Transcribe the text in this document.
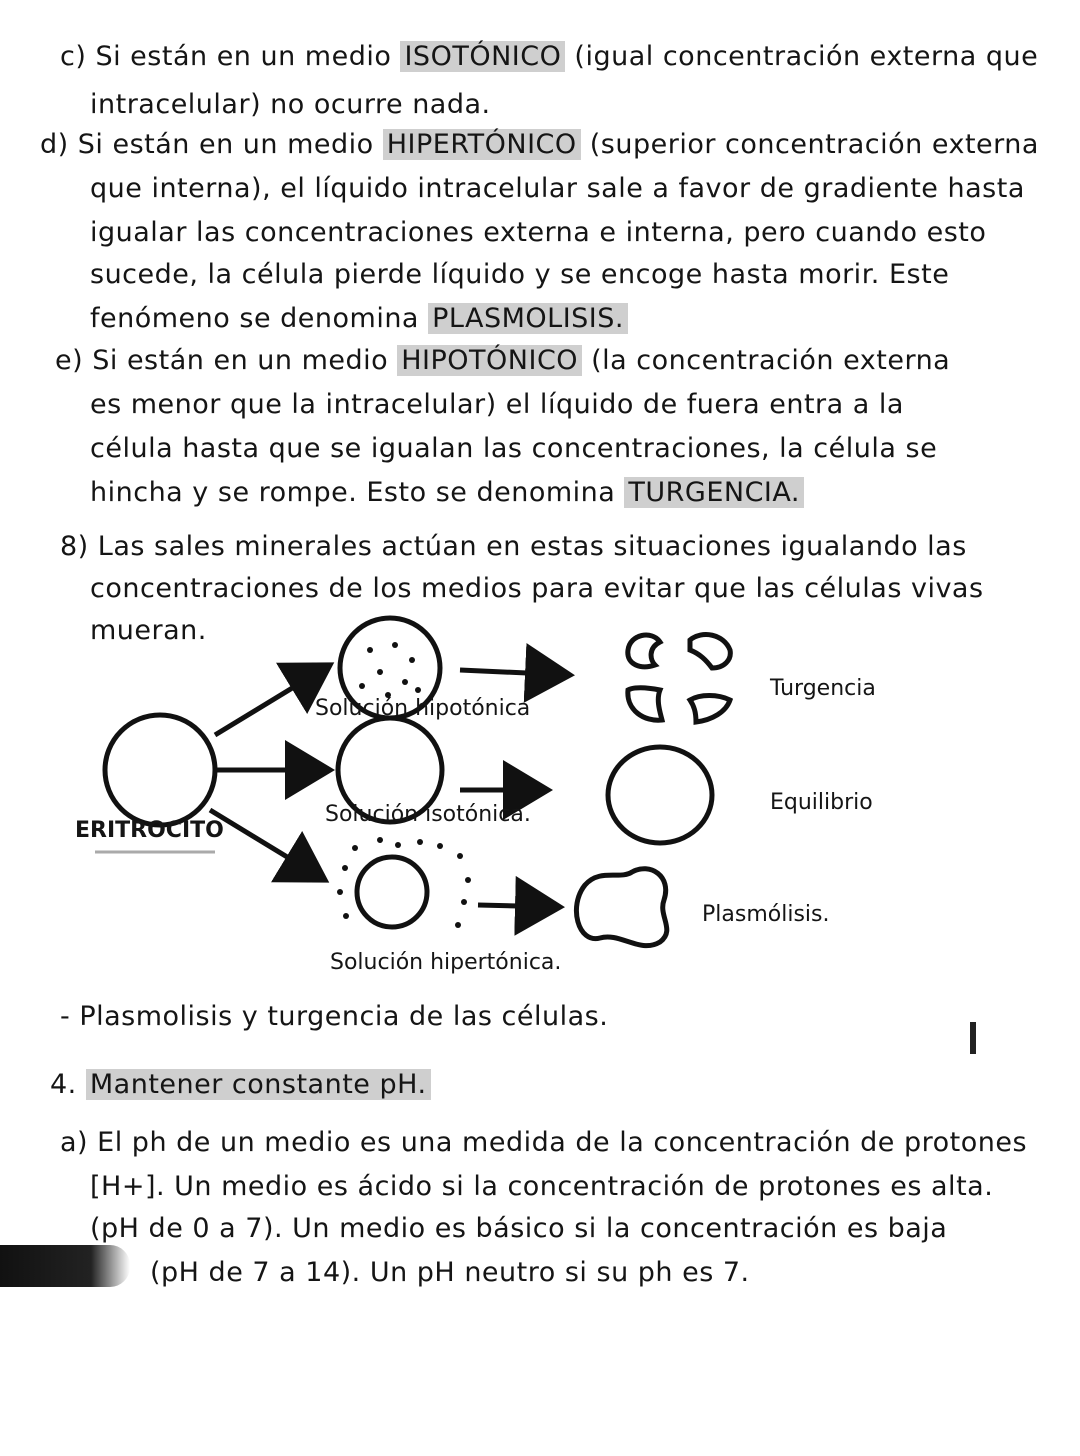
c) Si están en un medio ISOTÓNICO (igual concentración externa que
intracelular) no ocurre nada.
d) Si están en un medio HIPERTÓNICO (superior concentración externa
que interna), el líquido intracelular sale a favor de gradiente hasta
igualar las concentraciones externa e interna, pero cuando esto
sucede, la célula pierde líquido y se encoge hasta morir. Este
fenómeno se denomina PLASMOLISIS.
e) Si están en un medio HIPOTÓNICO (la concentración externa
es menor que la intracelular) el líquido de fuera entra a la
célula hasta que se igualan las concentraciones, la célula se
hincha y se rompe. Esto se denomina TURGENCIA.
8) Las sales minerales actúan en estas situaciones igualando las
concentraciones de los medios para evitar que las células vivas
mueran.
Solución hipotónica
Turgencia
Solución isotónica.	Equilibrio
ERITROCITO
Solución hipertónica.
Plasmólisis.
- Plasmolisis y turgencia de las células.
4. Mantener constante pH.
a) El ph de un medio es una medida de la concentración de protones
[H+]. Un medio es ácido si la concentración de protones es alta.
(pH de 0 a 7). Un medio es básico si la concentración es baja
(pH de 7 a 14). Un pH neutro si su ph es 7.
